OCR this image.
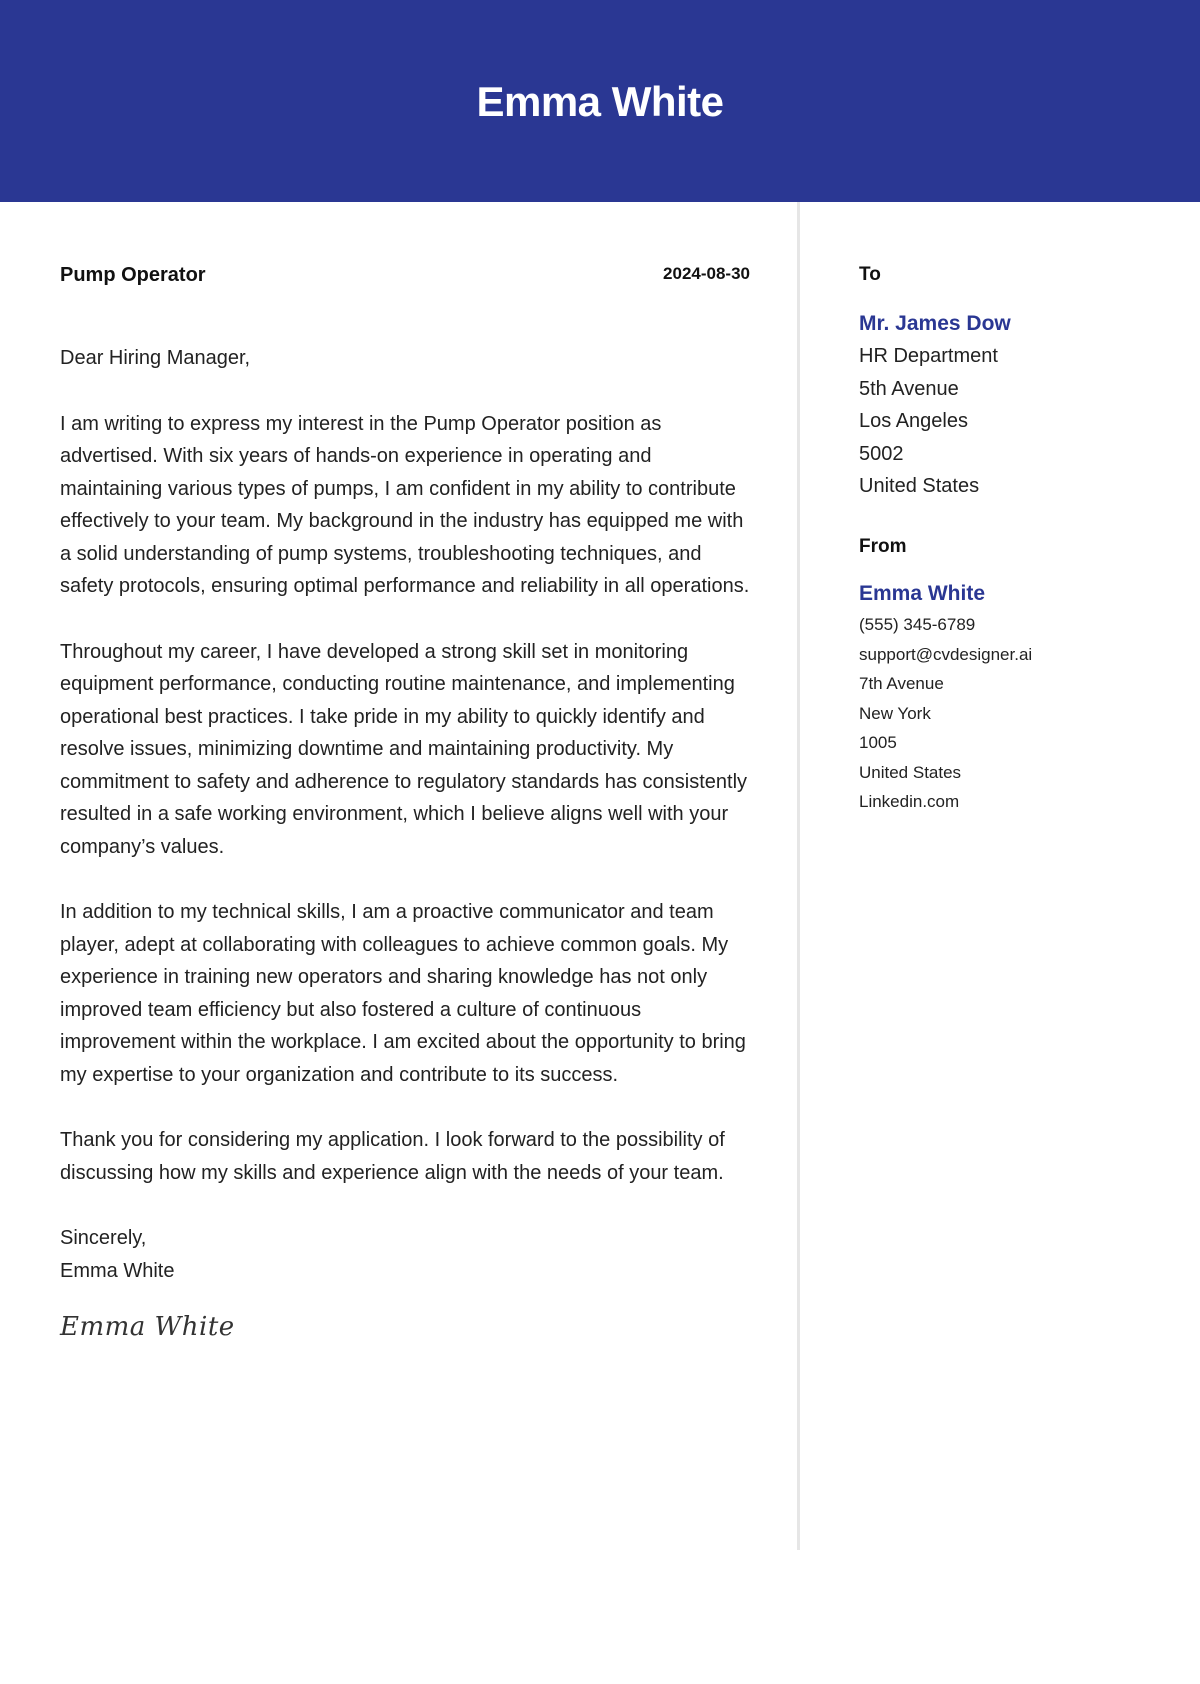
Emma White
Pump Operator	2024-08-30

Dear Hiring Manager,

I am writing to express my interest in the Pump Operator position as advertised. With six years of hands-on experience in operating and maintaining various types of pumps, I am confident in my ability to contribute effectively to your team. My background in the industry has equipped me with a solid understanding of pump systems, troubleshooting techniques, and safety protocols, ensuring optimal performance and reliability in all operations.

Throughout my career, I have developed a strong skill set in monitoring equipment performance, conducting routine maintenance, and implementing operational best practices. I take pride in my ability to quickly identify and resolve issues, minimizing downtime and maintaining productivity. My commitment to safety and adherence to regulatory standards has consistently resulted in a safe working environment, which I believe aligns well with your company’s values.

In addition to my technical skills, I am a proactive communicator and team player, adept at collaborating with colleagues to achieve common goals. My experience in training new operators and sharing knowledge has not only improved team efficiency but also fostered a culture of continuous improvement within the workplace. I am excited about the opportunity to bring my expertise to your organization and contribute to its success.

Thank you for considering my application. I look forward to the possibility of discussing how my skills and experience align with the needs of your team.

Sincerely,
Emma White
Emma White
To
Mr. James Dow
HR Department
5th Avenue
Los Angeles
5002
United States
From
Emma White
(555) 345-6789
support@cvdesigner.ai
7th Avenue
New York
1005
United States
Linkedin.com
